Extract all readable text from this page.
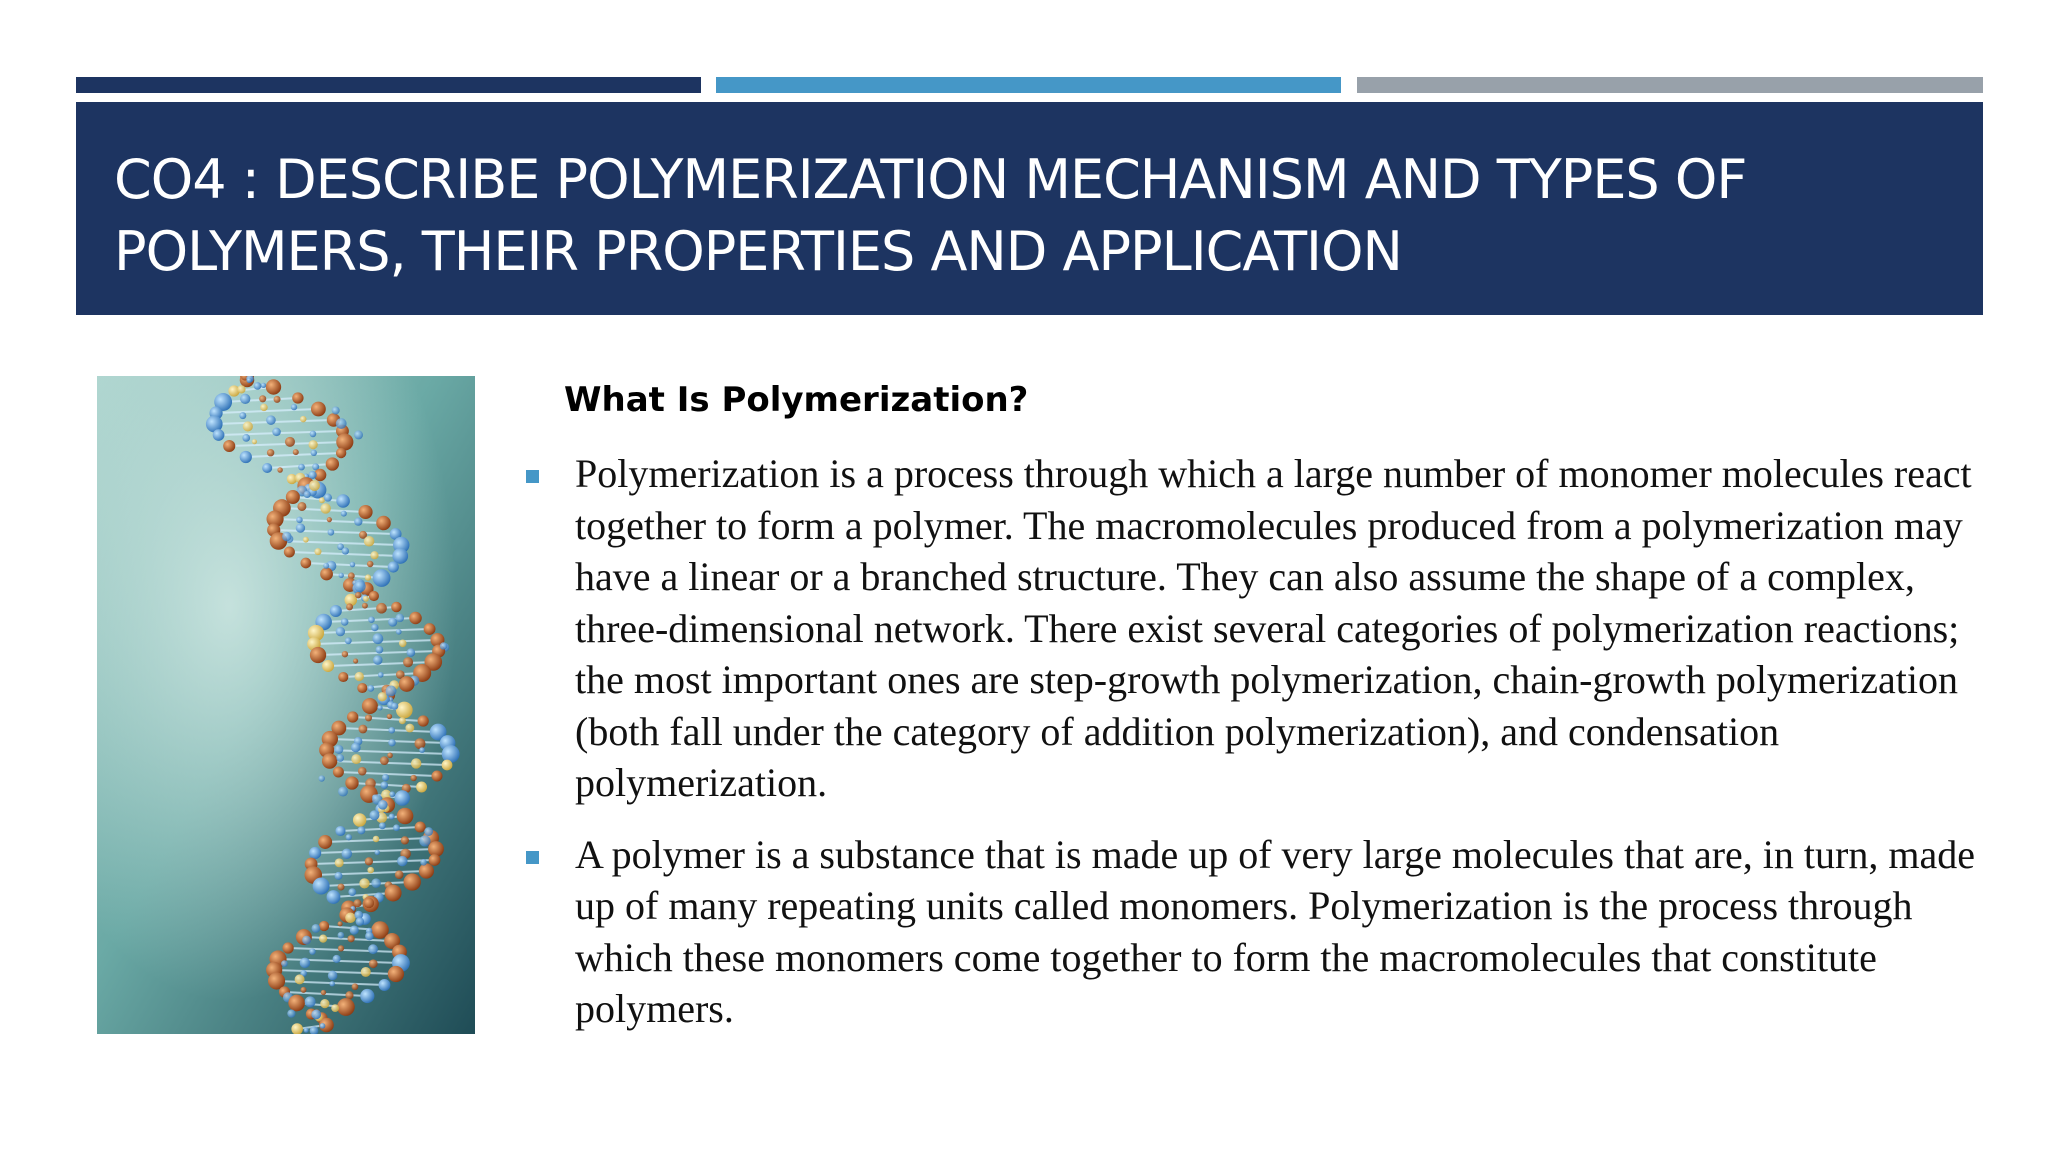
CO4 : DESCRIBE POLYMERIZATION MECHANISM AND TYPES OF POLYMERS, THEIR PROPERTIES AND APPLICATION
What Is Polymerization?
Polymerization is a process through which a large number of monomer molecules react together to form a polymer. The macromolecules produced from a polymerization may have a linear or a branched structure. They can also assume the shape of a complex, three-dimensional network. There exist several categories of polymerization reactions; the most important ones are step-growth polymerization, chain-growth polymerization (both fall under the category of addition polymerization), and condensation polymerization.
A polymer is a substance that is made up of very large molecules that are, in turn, made up of many repeating units called monomers. Polymerization is the process through which these monomers come together to form the macromolecules that constitute polymers.
